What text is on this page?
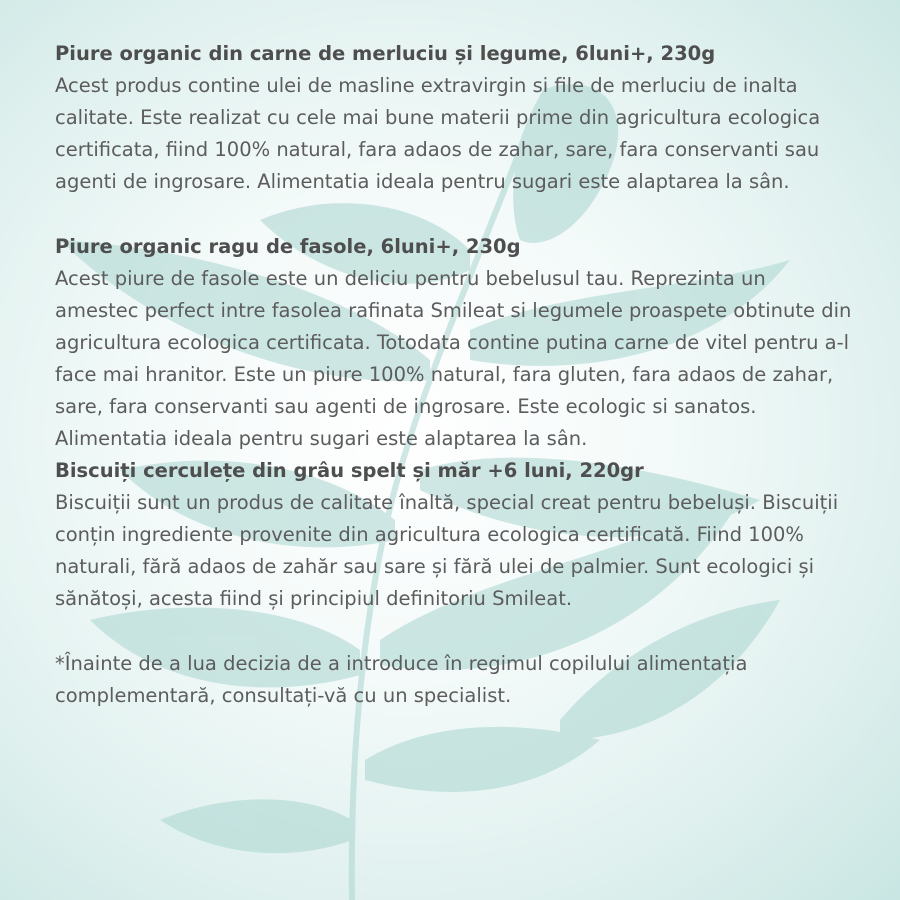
Piure organic din carne de merluciu și legume, 6luni+, 230g

Acest produs contine ulei de masline extravirgin si file de merluciu de inalta calitate. Este realizat cu cele mai bune materii prime din agricultura ecologica certificata, fiind 100% natural, fara adaos de zahar, sare, fara conservanti sau agenti de ingrosare. Alimentatia ideala pentru sugari este alaptarea la sân.

Piure organic ragu de fasole, 6luni+, 230g

Acest piure de fasole este un deliciu pentru bebelusul tau. Reprezinta un amestec perfect intre fasolea rafinata Smileat si legumele proaspete obtinute din agricultura ecologica certificata. Totodata contine putina carne de vitel pentru a-l face mai hranitor. Este un piure 100% natural, fara gluten, fara adaos de zahar, sare, fara conservanti sau agenti de ingrosare. Este ecologic si sanatos. Alimentatia ideala pentru sugari este alaptarea la sân.

Biscuiți cerculețe din grâu spelt și măr +6 luni, 220gr

Biscuiții sunt un produs de calitate înaltă, special creat pentru bebeluși. Biscuiții conțin ingrediente provenite din agricultura ecologica certificată. Fiind 100% naturali, fără adaos de zahăr sau sare și fără ulei de palmier. Sunt ecologici și sănătoși, acesta fiind și principiul definitoriu Smileat.

*Înainte de a lua decizia de a introduce în regimul copilului alimentația complementară, consultați-vă cu un specialist.
